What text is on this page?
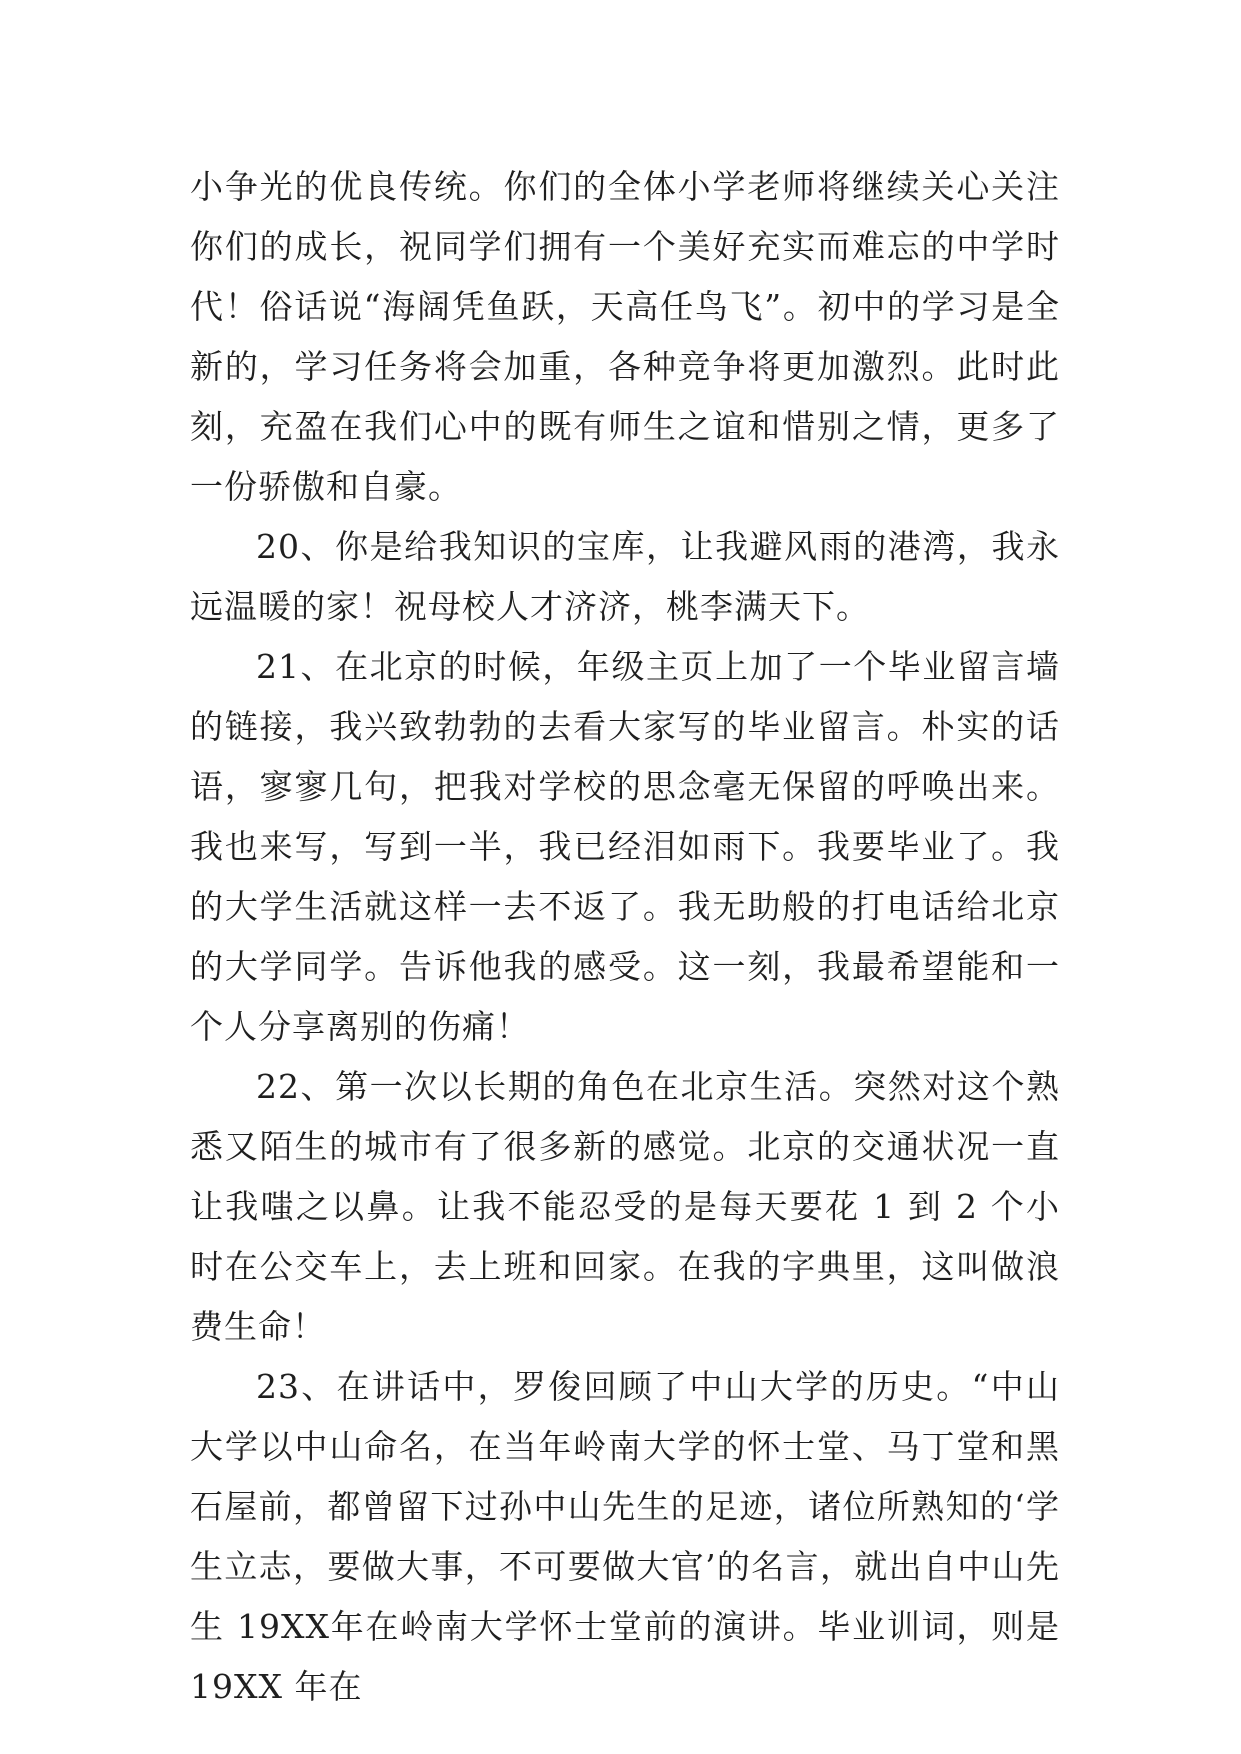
小争光的优良传统。你们的全体小学老师将继续关心关注你们的成长，祝同学们拥有一个美好充实而难忘的中学时代！俗话说“海阔凭鱼跃，天高任鸟飞”。初中的学习是全新的，学习任务将会加重，各种竞争将更加激烈。此时此刻，充盈在我们心中的既有师生之谊和惜别之情，更多了一份骄傲和自豪。

20、你是给我知识的宝库，让我避风雨的港湾，我永远温暖的家！祝母校人才济济，桃李满天下。

21、在北京的时候，年级主页上加了一个毕业留言墙的链接，我兴致勃勃的去看大家写的毕业留言。朴实的话语，寥寥几句，把我对学校的思念毫无保留的呼唤出来。我也来写，写到一半，我已经泪如雨下。我要毕业了。我的大学生活就这样一去不返了。我无助般的打电话给北京的大学同学。告诉他我的感受。这一刻，我最希望能和一个人分享离别的伤痛！

22、第一次以长期的角色在北京生活。突然对这个熟悉又陌生的城市有了很多新的感觉。北京的交通状况一直让我嗤之以鼻。让我不能忍受的是每天要花 1 到 2 个小时在公交车上，去上班和回家。在我的字典里，这叫做浪费生命！

23、在讲话中，罗俊回顾了中山大学的历史。“中山大学以中山命名，在当年岭南大学的怀士堂、马丁堂和黑石屋前，都曾留下过孙中山先生的足迹，诸位所熟知的‘学生立志，要做大事，不可要做大官’的名言，就出自中山先生 19XX年在岭南大学怀士堂前的演讲。毕业训词，则是 19XX 年在
